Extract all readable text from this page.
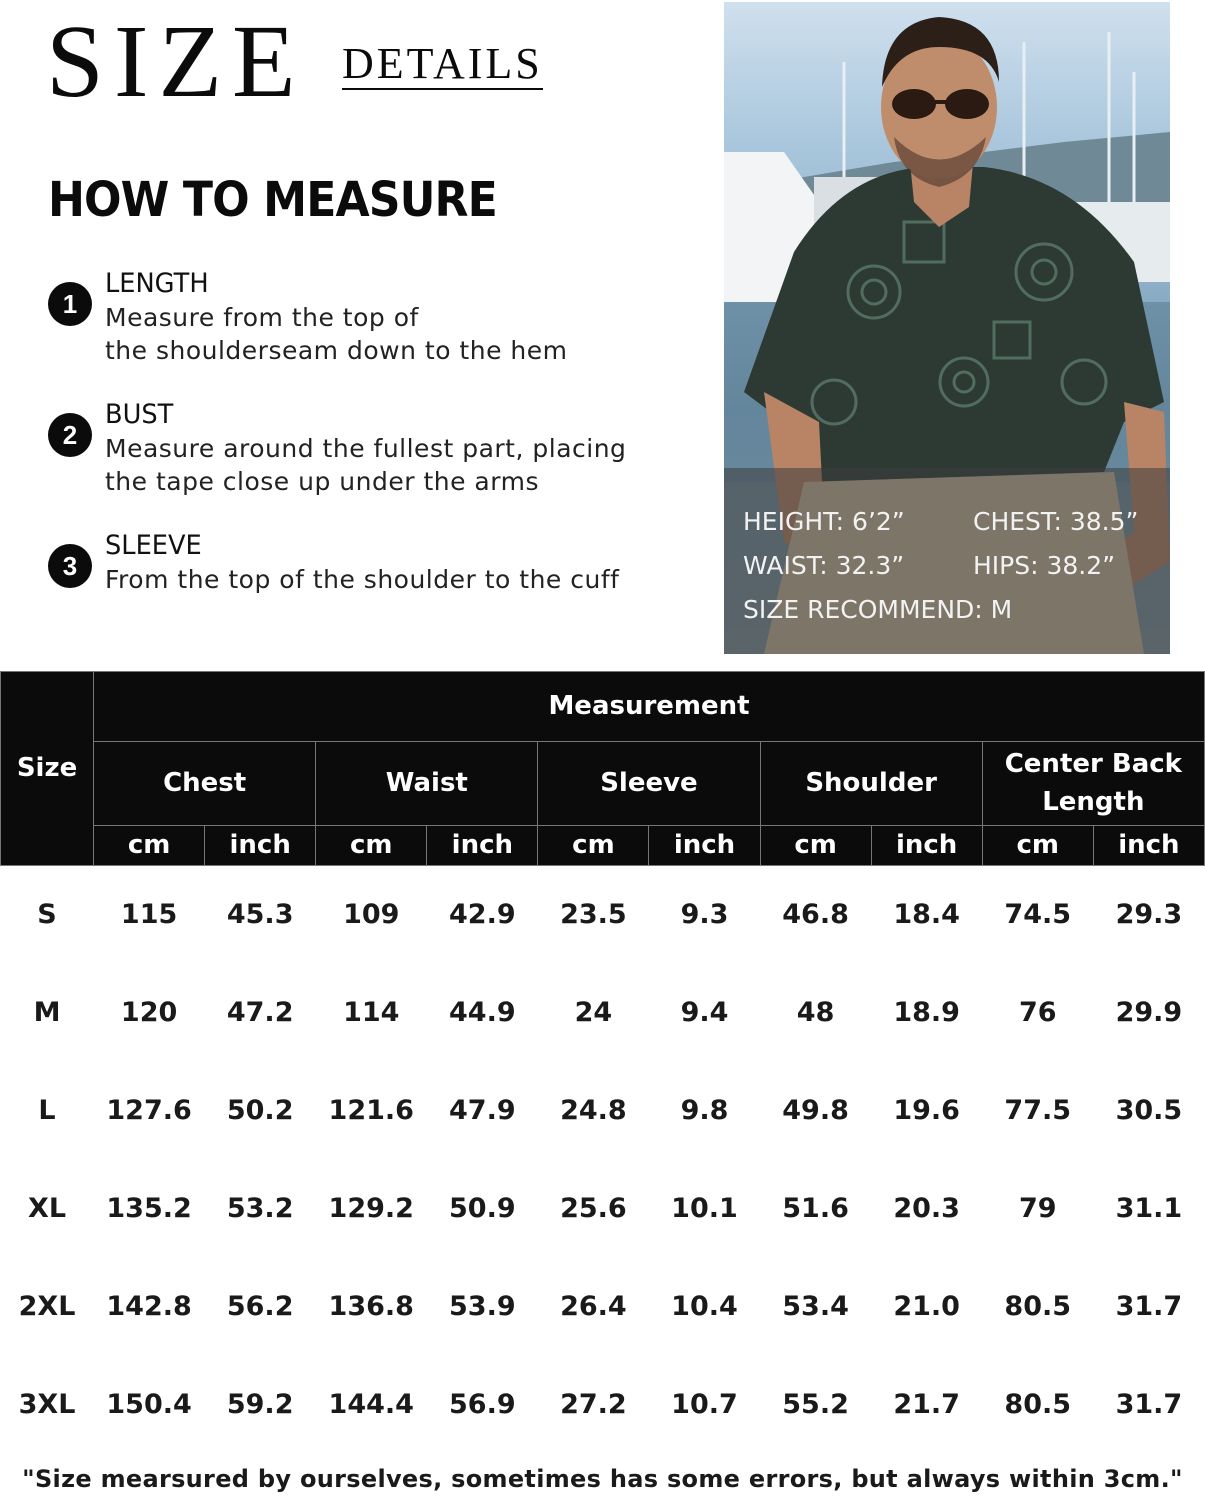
SIZE DETAILS
HOW TO MEASURE
1
LENGTH
Measure from the top of
the shoulderseam down to the hem
2
BUST
Measure around the fullest part, placing
the tape close up under the arms
3
SLEEVE
From the top of the shoulder to the cuff
HEIGHT: 6’2”	CHEST: 38.5”
WAIST: 32.3”	HIPS: 38.2”
SIZE RECOMMEND: M
Size	Measurement									
	Chest		Waist		Sleeve		Shoulder		Center Back
Length	

	cm	inch	cm	inch	cm	inch	cm	inch	cm	inch
S	115	45.3	109	42.9	23.5	9.3	46.8	18.4	74.5	29.3
M	120	47.2	114	44.9	24	9.4	48	18.9	76	29.9
L	127.6	50.2	121.6	47.9	24.8	9.8	49.8	19.6	77.5	30.5
XL	135.2	53.2	129.2	50.9	25.6	10.1	51.6	20.3	79	31.1
2XL	142.8	56.2	136.8	53.9	26.4	10.4	53.4	21.0	80.5	31.7
3XL	150.4	59.2	144.4	56.9	27.2	10.7	55.2	21.7	80.5	31.7
"Size mearsured by ourselves, sometimes has some errors, but always within 3cm."
